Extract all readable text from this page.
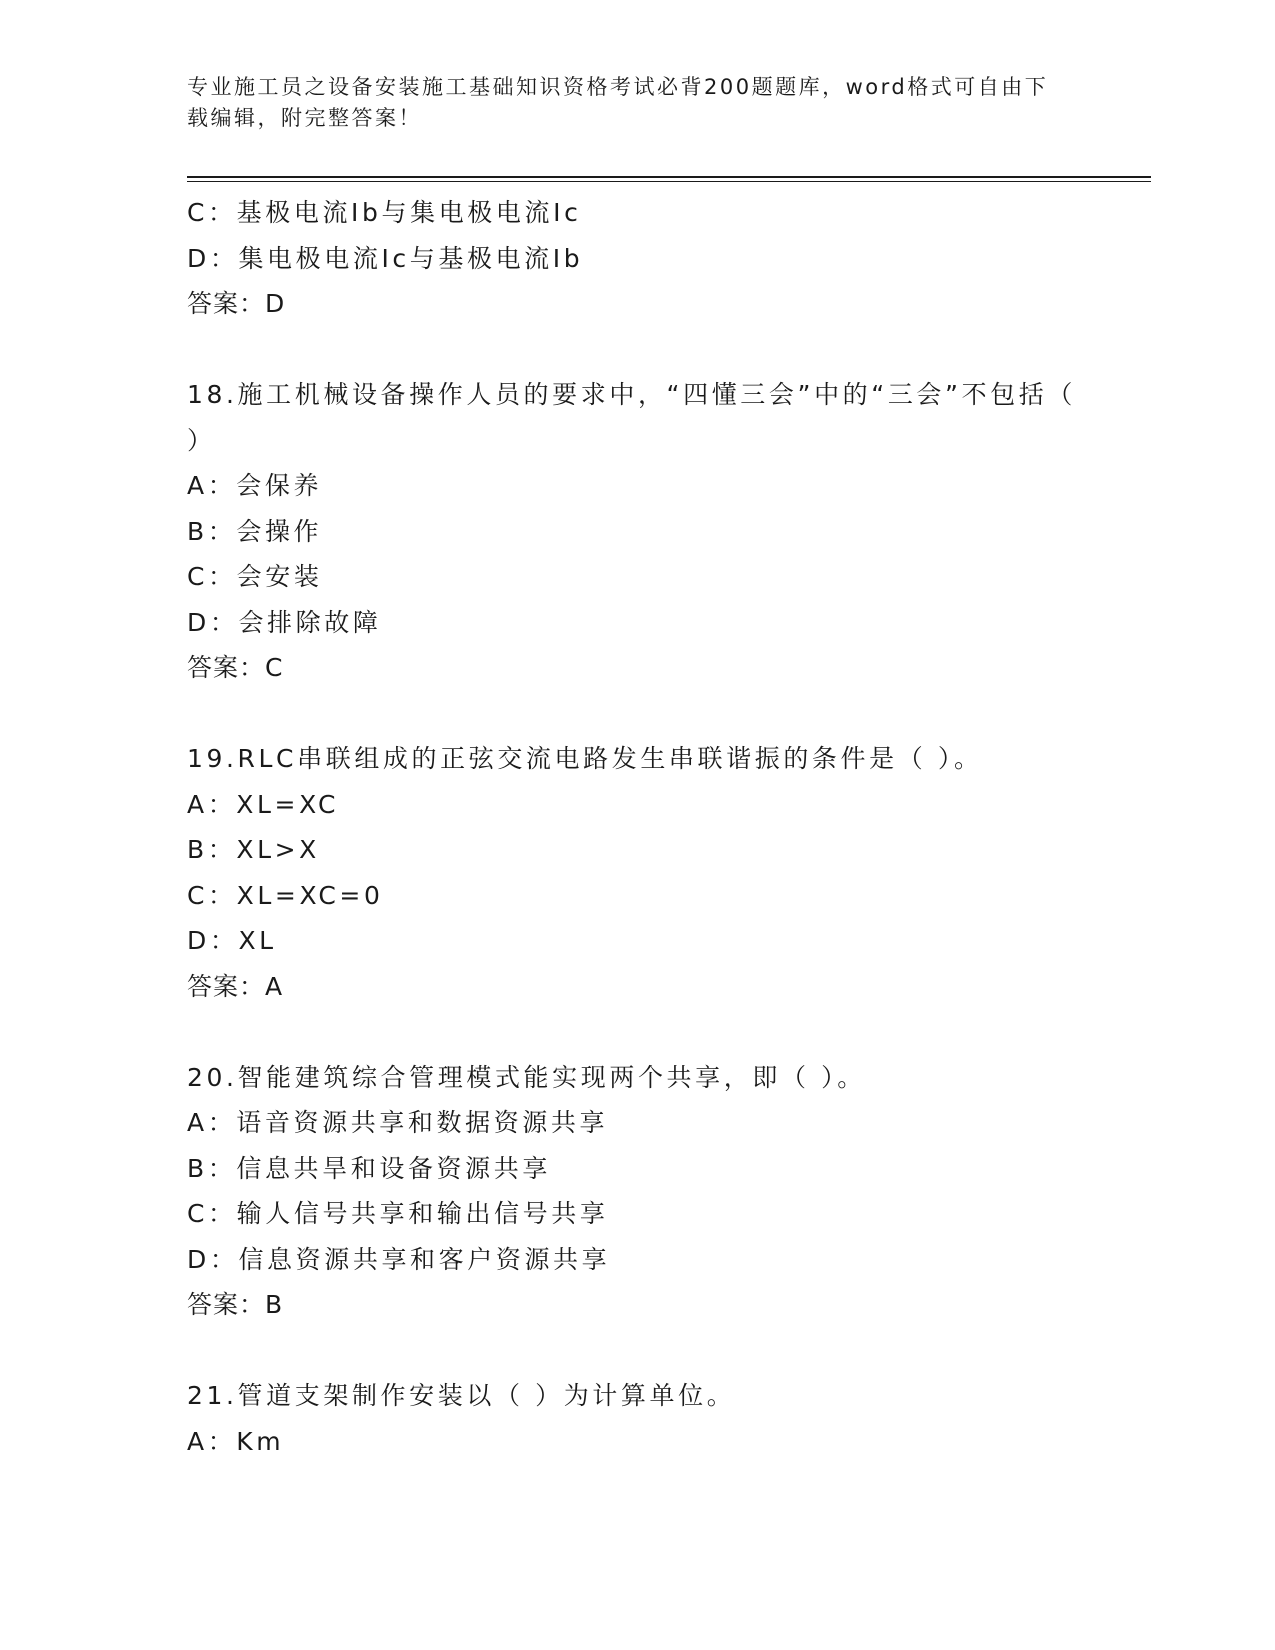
专业施工员之设备安装施工基础知识资格考试必背200题题库，word格式可自由下载编辑，附完整答案！
C：基极电流Ib与集电极电流Ic
D：集电极电流Ic与基极电流Ib
答案：D
18.施工机械设备操作人员的要求中，“四懂三会”中的“三会”不包括（ ）
A：会保养
B：会操作
C：会安装
D：会排除故障
答案：C
19.RLC串联组成的正弦交流电路发生串联谐振的条件是（ ）。
A：XL=XC
B：XL>X
C：XL=XC=0
D：XL
答案：A
20.智能建筑综合管理模式能实现两个共享，即（ ）。
A：语音资源共享和数据资源共享
B：信息共旱和设备资源共享
C：输人信号共享和输出信号共享
D：信息资源共享和客户资源共享
答案：B
21.管道支架制作安装以（ ）为计算单位。
A：Km
